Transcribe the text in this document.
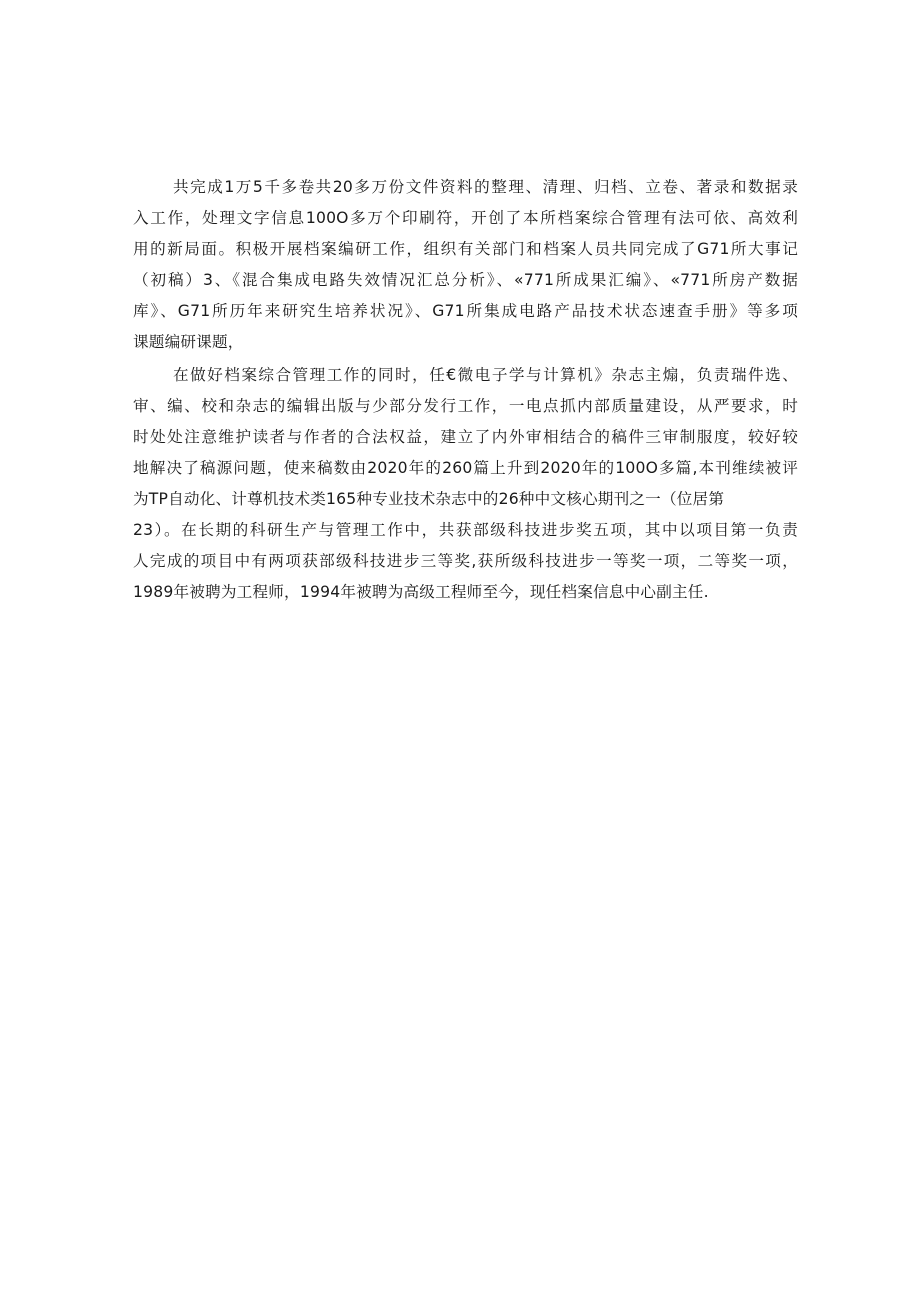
共完成1万5千多卷共20多万份文件资料的整理、清理、归档、立卷、著录和数据录
入工作，处理文字信息100O多万个印刷符，开创了本所档案综合管理有法可依、高效利
用的新局面。积极开展档案编研工作，组织有关部门和档案人员共同完成了G71所大事记
（初稿）3、《混合集成电路失效情况汇总分析》、«771所成果汇编》、«771所房产数据
库》、G71所历年来研究生培养状况》、G71所集成电路产品技术状态速查手册》等多项
课题编研课题，

在做好档案综合管理工作的同时，任€微电子学与计算机》杂志主煽，负责瑞件选、
审、编、校和杂志的编辑出版与少部分发行工作，一电点抓内部质量建设，从严要求，时
时处处注意维护读者与作者的合法权益，建立了内外审相结合的稿件三审制服度，较好较
地解决了稿源问题，使来稿数由2020年的260篇上升到2020年的100O多篇,本刊维续被评
为TP自动化、计尊机技术类165种专业技术杂志中的26种中文核心期刊之一（位居第
23）。在长期的科研生产与管理工作中，共获部级科技进步奖五项，其中以项目第一负责
人完成的项目中有两项获部级科技进步三等奖,获所级科技进步一等奖一项，二等奖一项，
1989年被聘为工程师，1994年被聘为高级工程师至今，现任档案信息中心副主任.
